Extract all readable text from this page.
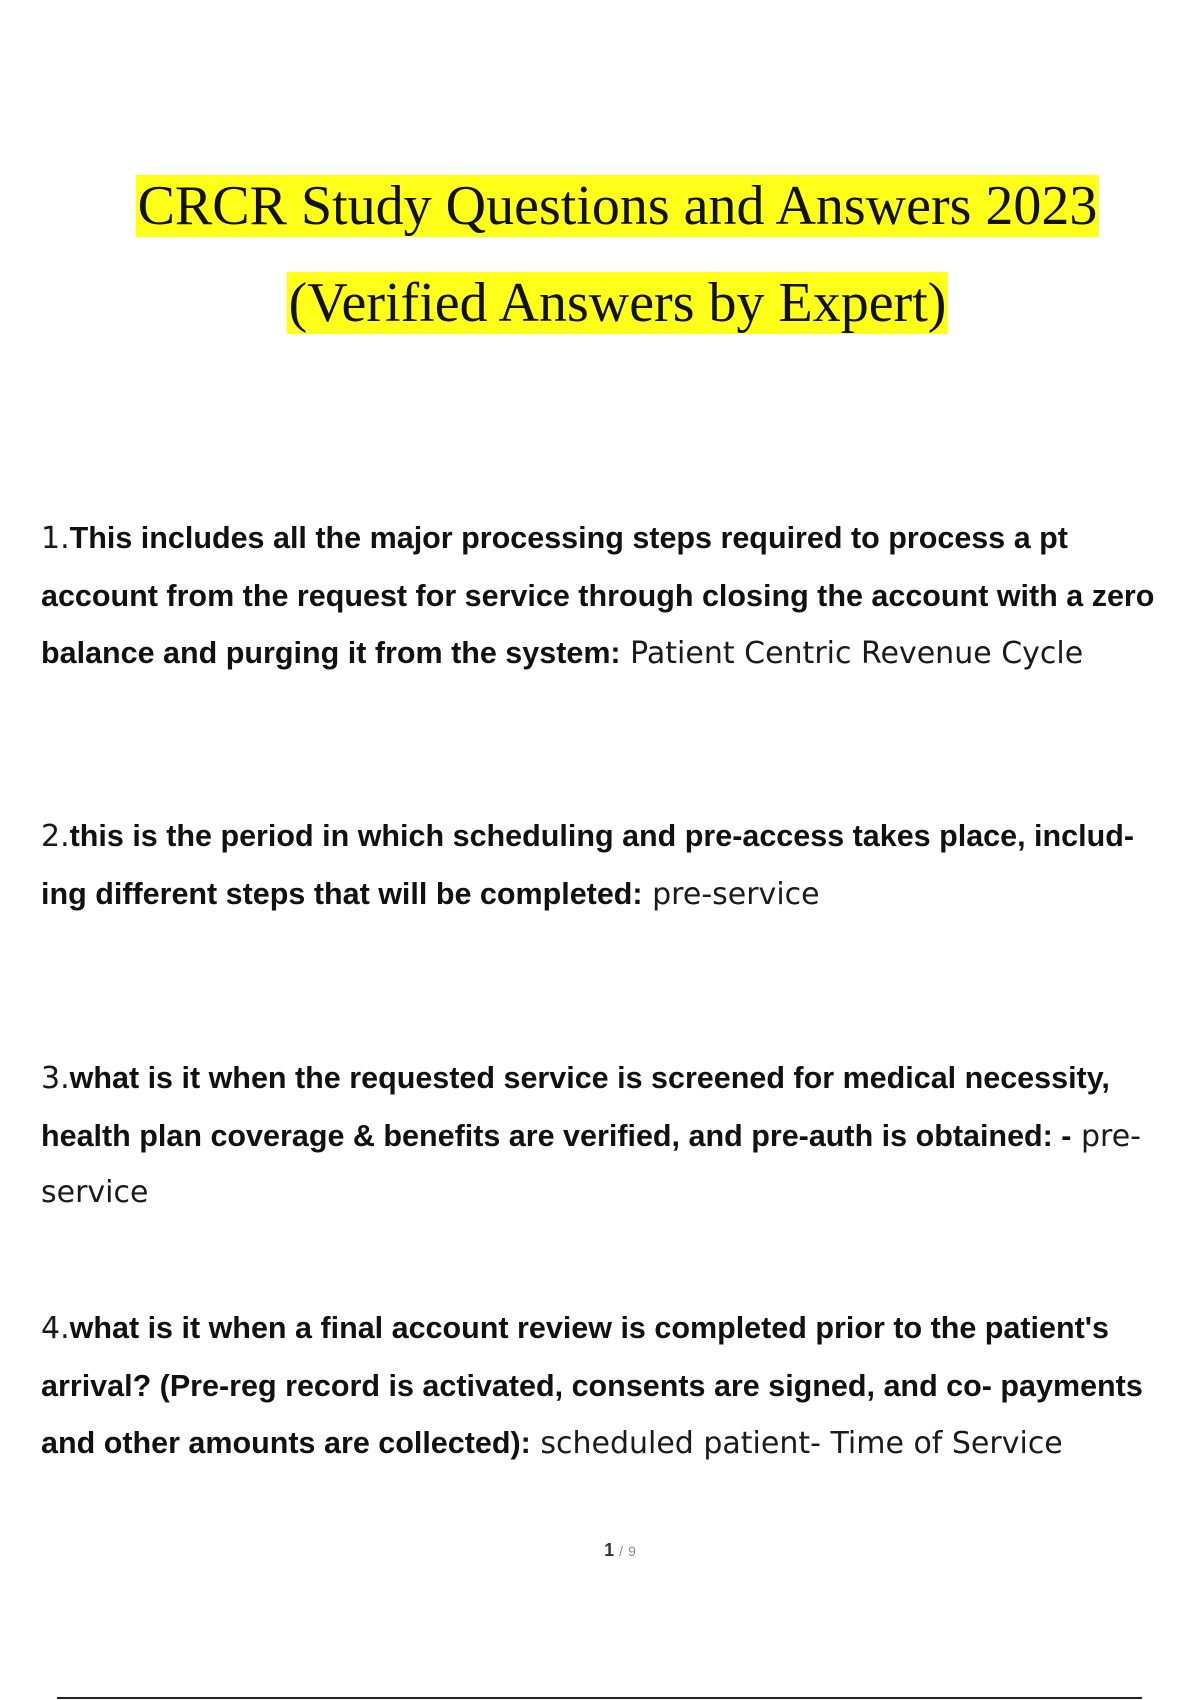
CRCR Study Questions and Answers 2023
(Verified Answers by Expert)
1.This includes all the major processing steps required to process a pt account from the request for service through closing the account with a zero balance and purging it from the system: Patient Centric Revenue Cycle
2.this is the period in which scheduling and pre-access takes place, includ- ing different steps that will be completed: pre-service
3.what is it when the requested service is screened for medical necessity, health plan coverage & benefits are verified, and pre-auth is obtained: - pre-service
4.what is it when a final account review is completed prior to the patient's arrival? (Pre-reg record is activated, consents are signed, and co- payments and other amounts are collected): scheduled patient- Time of Service
1 / 9
